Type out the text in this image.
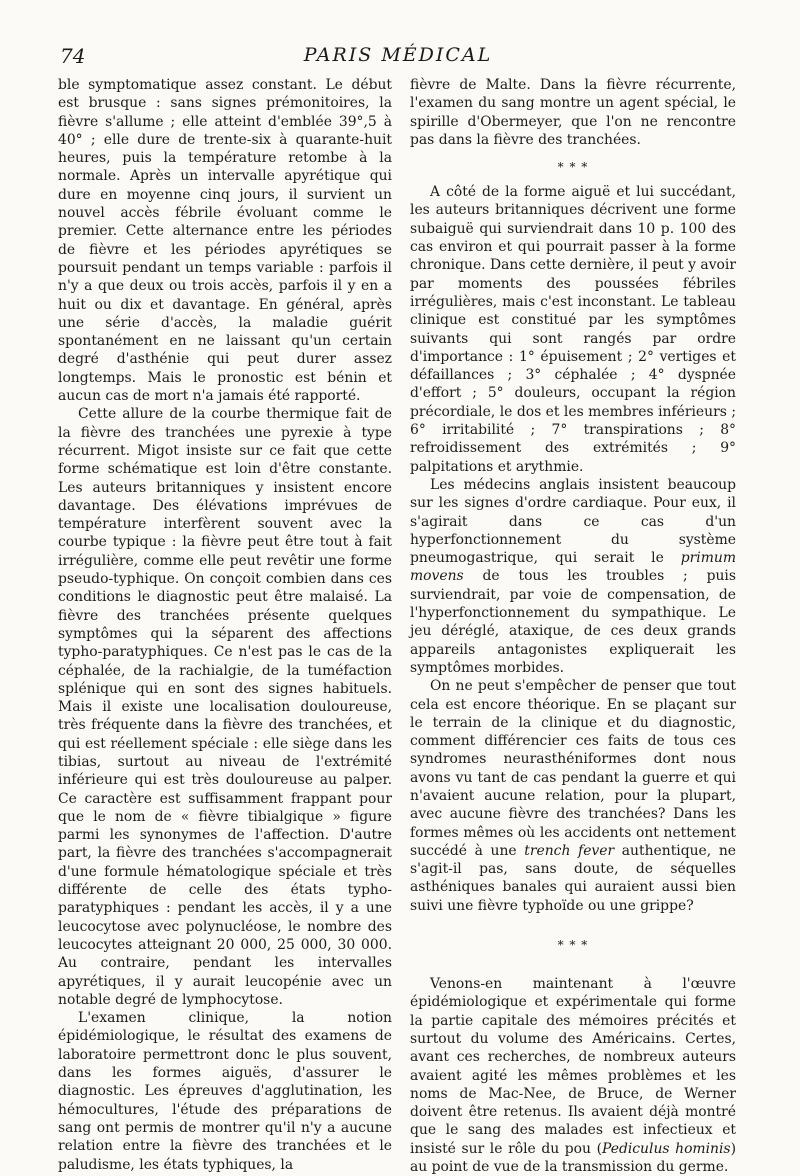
74	PARIS MÉDICAL

ble symptomatique assez constant. Le début est brusque : sans signes prémonitoires, la fièvre s'allume ; elle atteint d'emblée 39°,5 à 40° ; elle dure de trente-six à quarante-huit heures, puis la température retombe à la normale. Après un intervalle apyrétique qui dure en moyenne cinq jours, il survient un nouvel accès fébrile évoluant comme le premier. Cette alternance entre les périodes de fièvre et les périodes apyrétiques se poursuit pendant un temps variable : parfois il n'y a que deux ou trois accès, parfois il y en a huit ou dix et davantage. En général, après une série d'accès, la maladie guérit spontanément en ne laissant qu'un certain degré d'asthénie qui peut durer assez longtemps. Mais le pronostic est bénin et aucun cas de mort n'a jamais été rapporté.

Cette allure de la courbe thermique fait de la fièvre des tranchées une pyrexie à type récurrent. Migot insiste sur ce fait que cette forme schématique est loin d'être constante. Les auteurs britanniques y insistent encore davantage. Des élévations imprévues de température interfèrent souvent avec la courbe typique : la fièvre peut être tout à fait irrégulière, comme elle peut revêtir une forme pseudo-typhique. On conçoit combien dans ces conditions le diagnostic peut être malaisé. La fièvre des tranchées présente quelques symptômes qui la séparent des affections typho-paratyphiques. Ce n'est pas le cas de la céphalée, de la rachialgie, de la tuméfaction splénique qui en sont des signes habituels. Mais il existe une localisation douloureuse, très fréquente dans la fièvre des tranchées, et qui est réellement spéciale : elle siège dans les tibias, surtout au niveau de l'extrémité inférieure qui est très douloureuse au palper. Ce caractère est suffisamment frappant pour que le nom de « fièvre tibialgique » figure parmi les synonymes de l'affection. D'autre part, la fièvre des tranchées s'accompagnerait d'une formule hématologique spéciale et très différente de celle des états typho-paratyphiques : pendant les accès, il y a une leucocytose avec polynucléose, le nombre des leucocytes atteignant 20 000, 25 000, 30 000. Au contraire, pendant les intervalles apyrétiques, il y aurait leucopénie avec un notable degré de lymphocytose.

L'examen clinique, la notion épidémiologique, le résultat des examens de laboratoire permettront donc le plus souvent, dans les formes aiguës, d'assurer le diagnostic. Les épreuves d'agglutination, les hémocultures, l'étude des préparations de sang ont permis de montrer qu'il n'y a aucune relation entre la fièvre des tranchées et le paludisme, les états typhiques, la

fièvre de Malte. Dans la fièvre récurrente, l'examen du sang montre un agent spécial, le spirille d'Obermeyer, que l'on ne rencontre pas dans la fièvre des tranchées.

* * *

A côté de la forme aiguë et lui succédant, les auteurs britanniques décrivent une forme subaiguë qui surviendrait dans 10 p. 100 des cas environ et qui pourrait passer à la forme chronique. Dans cette dernière, il peut y avoir par moments des poussées fébriles irrégulières, mais c'est inconstant. Le tableau clinique est constitué par les symptômes suivants qui sont rangés par ordre d'importance : 1° épuisement ; 2° vertiges et défaillances ; 3° céphalée ; 4° dyspnée d'effort ; 5° douleurs, occupant la région précordiale, le dos et les membres inférieurs ; 6° irritabilité ; 7° transpirations ; 8° refroidissement des extrémités ; 9° palpitations et arythmie.

Les médecins anglais insistent beaucoup sur les signes d'ordre cardiaque. Pour eux, il s'agirait dans ce cas d'un hyperfonctionnement du système pneumogastrique, qui serait le primum movens de tous les troubles ; puis surviendrait, par voie de compensation, de l'hyperfonctionnement du sympathique. Le jeu déréglé, ataxique, de ces deux grands appareils antagonistes expliquerait les symptômes morbides.

On ne peut s'empêcher de penser que tout cela est encore théorique. En se plaçant sur le terrain de la clinique et du diagnostic, comment différencier ces faits de tous ces syndromes neurasthéniformes dont nous avons vu tant de cas pendant la guerre et qui n'avaient aucune relation, pour la plupart, avec aucune fièvre des tranchées? Dans les formes mêmes où les accidents ont nettement succédé à une trench fever authentique, ne s'agit-il pas, sans doute, de séquelles asthéniques banales qui auraient aussi bien suivi une fièvre typhoïde ou une grippe?

* * *

Venons-en maintenant à l'œuvre épidémiologique et expérimentale qui forme la partie capitale des mémoires précités et surtout du volume des Américains. Certes, avant ces recherches, de nombreux auteurs avaient agité les mêmes problèmes et les noms de Mac-Nee, de Bruce, de Werner doivent être retenus. Ils avaient déjà montré que le sang des malades est infectieux et insisté sur le rôle du pou (Pediculus hominis) au point de vue de la transmission du germe.
